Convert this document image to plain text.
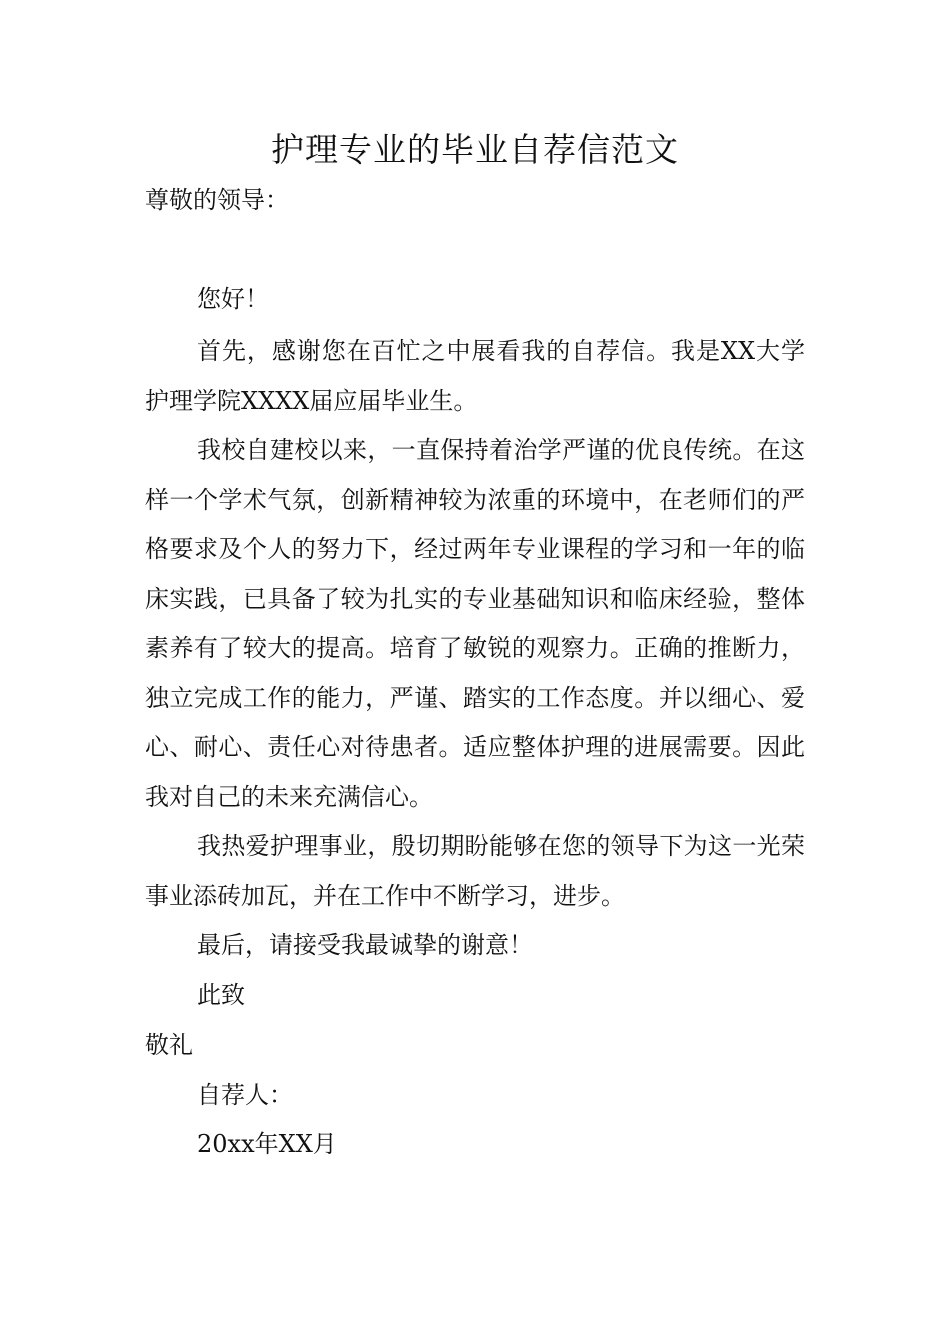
护理专业的毕业自荐信范文
尊敬的领导：
您好！
首先，感谢您在百忙之中展看我的自荐信。我是XX大学护理学院XXXX届应届毕业生。
我校自建校以来，一直保持着治学严谨的优良传统。在这样一个学术气氛，创新精神较为浓重的环境中，在老师们的严格要求及个人的努力下，经过两年专业课程的学习和一年的临床实践，已具备了较为扎实的专业基础知识和临床经验，整体素养有了较大的提高。培育了敏锐的观察力。正确的推断力，独立完成工作的能力，严谨、踏实的工作态度。并以细心、爱心、耐心、责任心对待患者。适应整体护理的进展需要。因此我对自己的未来充满信心。
我热爱护理事业，殷切期盼能够在您的领导下为这一光荣事业添砖加瓦，并在工作中不断学习，进步。
最后，请接受我最诚挚的谢意！
此致
敬礼
自荐人：
20xx年XX月
